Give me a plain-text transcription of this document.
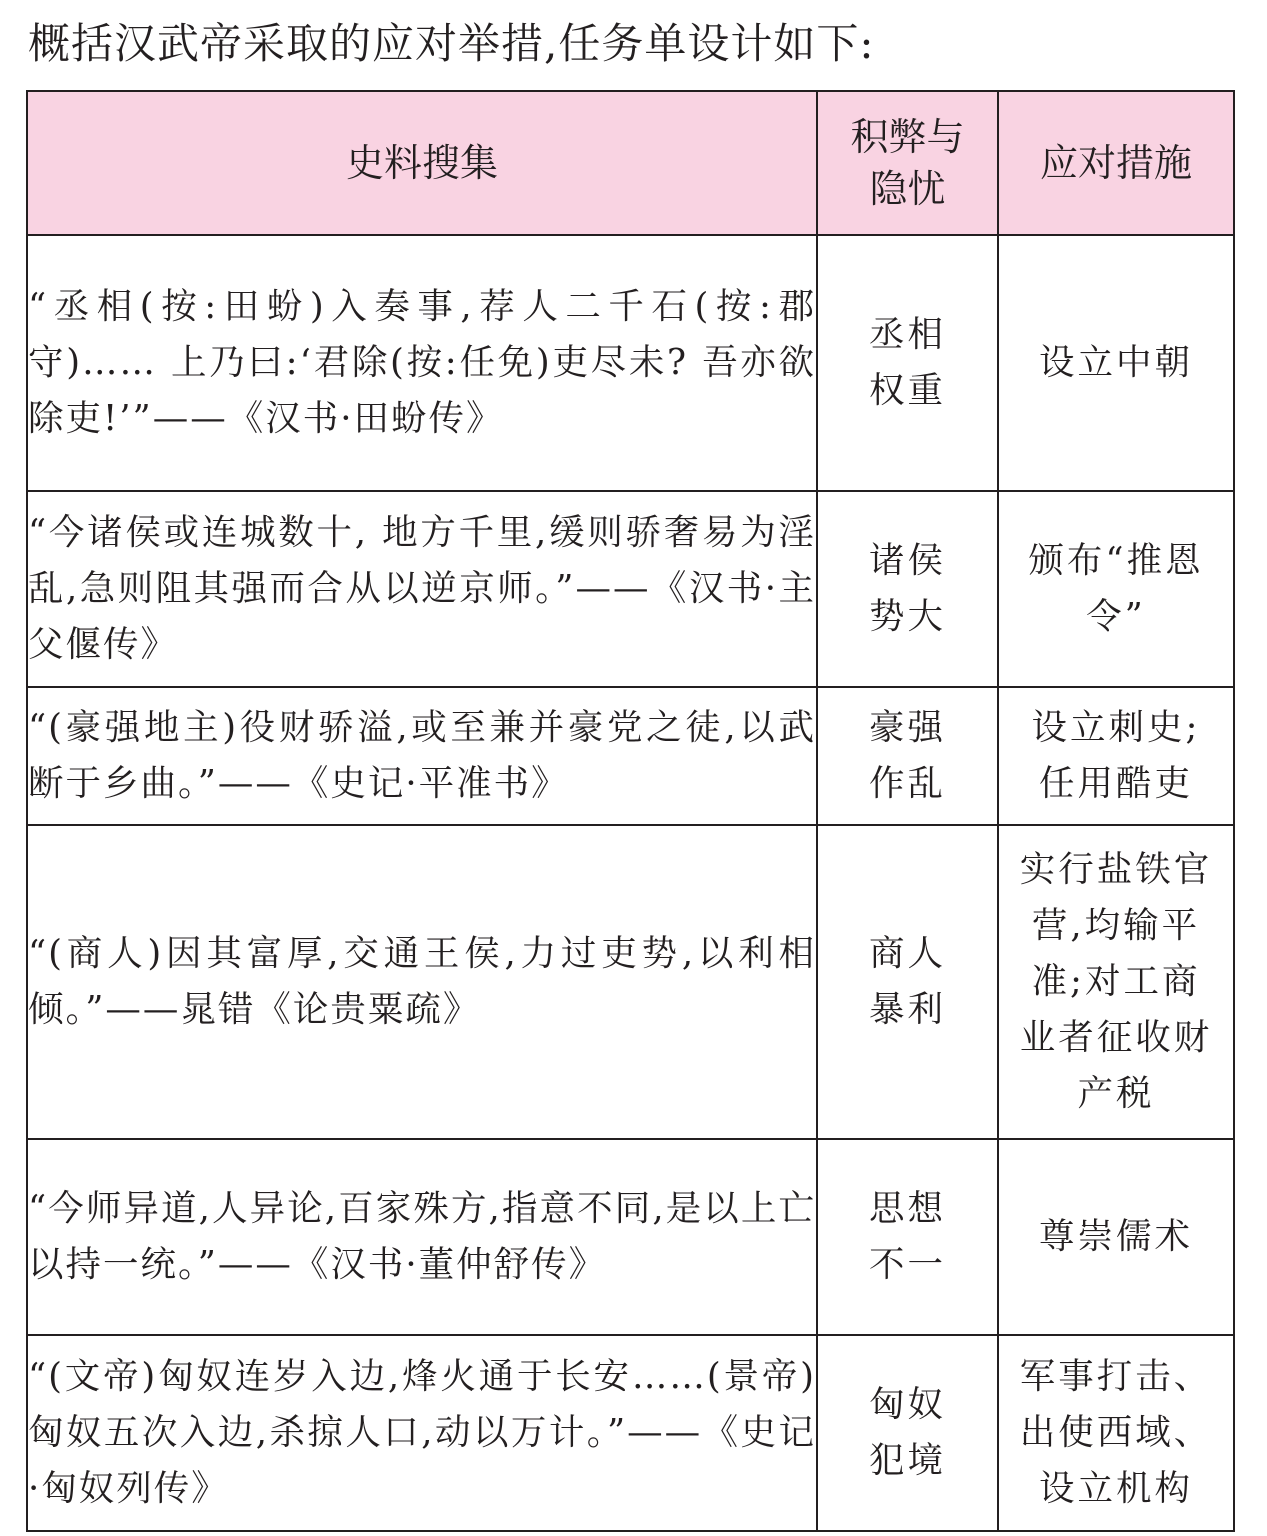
概括汉武帝采取的应对举措,任务单设计如下:
史料搜集	积弊与隐忧	应对措施

“丞相(按:田蚡)入奏事,荐人二千石(按:郡守)…… 上乃曰:‘君除(按:任免)吏尽未? 吾亦欲除吏!’”——《汉书·田蚡传》	丞相权重	设立中朝

“今诸侯或连城数十, 地方千里,缓则骄奢易为淫乱,急则阻其强而合从以逆京师。”——《汉书·主父偃传》	诸侯势大	颁布“推恩令”

“(豪强地主)役财骄溢,或至兼并豪党之徒,以武断于乡曲。”——《史记·平准书》	豪强作乱	设立刺史;任用酷吏

“(商人)因其富厚,交通王侯,力过吏势,以利相倾。”——晁错《论贵粟疏》	商人暴利	实行盐铁官营,均输平准;对工商业者征收财产税

“今师异道,人异论,百家殊方,指意不同,是以上亡以持一统。”——《汉书·董仲舒传》	思想不一	尊崇儒术

“(文帝)匈奴连岁入边,烽火通于长安……(景帝) 匈奴五次入边,杀掠人口,动以万计。”——《史记·匈奴列传》	匈奴犯境	军事打击、出使西域、设立机构
